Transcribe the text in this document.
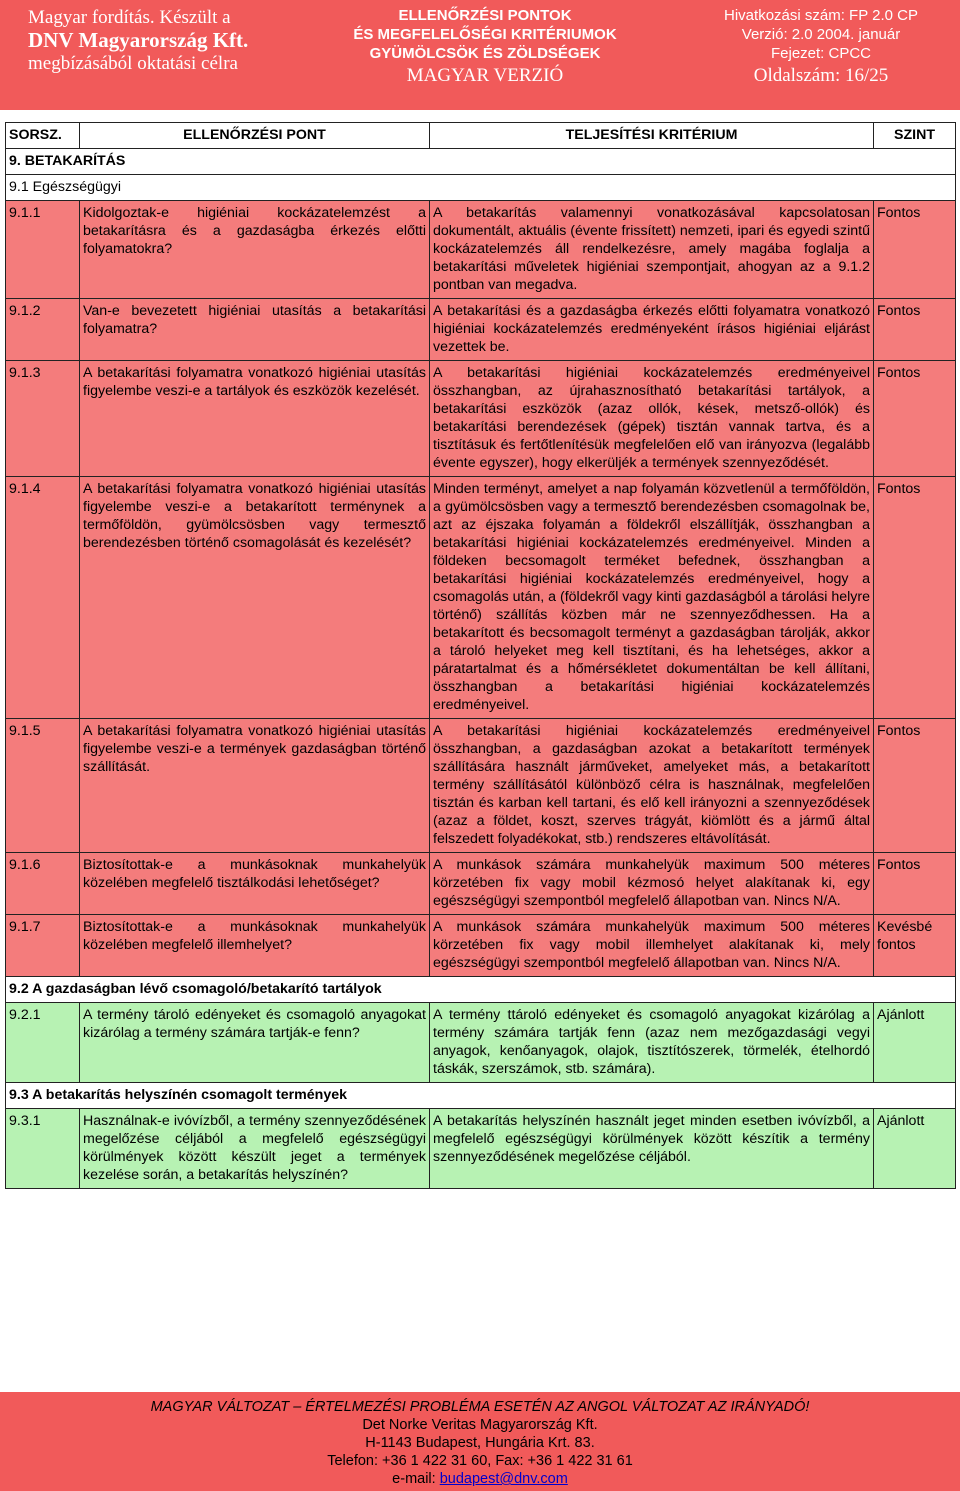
Magyar fordítás. Készült a
DNV Magyarország Kft.
megbízásából oktatási célra
ELLENŐRZÉSI PONTOK
ÉS MEGFELELŐSÉGI KRITÉRIUMOK
GYÜMÖLCSÖK ÉS ZÖLDSÉGEK
MAGYAR VERZIÓ
Hivatkozási szám: FP 2.0 CP
Verzió: 2.0 2004. január
Fejezet: CPCC
Oldalszám: 16/25
SORSZ.	ELLENŐRZÉSI PONT	TELJESÍTÉSI KRITÉRIUM	SZINT
9. BETAKARÍTÁS			
9.1 Egészségügyi			
9.1.1	Kidolgoztak-e higiéniai kockázatelemzést a betakarításra és a gazdaságba érkezés előtti folyamatokra?	A betakarítás valamennyi vonatkozásával kapcsolatosan dokumentált, aktuális (évente frissített) nemzeti, ipari és egyedi szintű kockázatelemzés áll rendelkezésre, amely magába foglalja a betakarítási műveletek higiéniai szempontjait, ahogyan az a 9.1.2 pontban van megadva.	Fontos
9.1.2	Van-e bevezetett higiéniai utasítás a betakarítási folyamatra?	A betakarítási és a gazdaságba érkezés előtti folyamatra vonatkozó higiéniai kockázatelemzés eredményeként írásos higiéniai eljárást vezettek be.	Fontos
9.1.3	A betakarítási folyamatra vonatkozó higiéniai utasítás figyelembe veszi-e a tartályok és eszközök kezelését.	A betakarítási higiéniai kockázatelemzés eredményeivel összhangban, az újrahasznosítható betakarítási tartályok, a betakarítási eszközök (azaz ollók, kések, metsző-ollók) és betakarítási berendezések (gépek) tisztán vannak tartva, és a tisztításuk és fertőtlenítésük megfelelően elő van irányozva (legalább évente egyszer), hogy elkerüljék a termények szennyeződését.	Fontos
9.1.4	A betakarítási folyamatra vonatkozó higiéniai utasítás figyelembe veszi-e a betakarított terménynek a termőföldön, gyümölcsösben vagy termesztő berendezésben történő csomagolását és kezelését?	Minden terményt, amelyet a nap folyamán közvetlenül a termőföldön, a gyümölcsösben vagy a termesztő berendezésben csomagolnak be, azt az éjszaka folyamán a földekről elszállítják, összhangban a betakarítási higiéniai kockázatelemzés eredményeivel. Minden a földeken becsomagolt terméket befednek, összhangban a betakarítási higiéniai kockázatelemzés eredményeivel, hogy a csomagolás után, a (földekről vagy kinti gazdaságból a tárolási helyre történő) szállítás közben már ne szennyeződhessen. Ha a betakarított és becsomagolt terményt a gazdaságban tárolják, akkor a tároló helyeket meg kell tisztítani, és ha lehetséges, akkor a páratartalmat és a hőmérsékletet dokumentáltan be kell állítani, összhangban a betakarítási higiéniai kockázatelemzés eredményeivel.	Fontos
9.1.5	A betakarítási folyamatra vonatkozó higiéniai utasítás figyelembe veszi-e a termények gazdaságban történő szállítását.	A betakarítási higiéniai kockázatelemzés eredményeivel összhangban, a gazdaságban azokat a betakarított termények szállítására használt járműveket, amelyeket más, a betakarított termény szállításától különböző célra is használnak, megfelelően tisztán és karban kell tartani, és elő kell irányozni a szennyeződések (azaz a földet, koszt, szerves trágyát, kiömlött és a jármű által felszedett folyadékokat, stb.) rendszeres eltávolítását.	Fontos
9.1.6	Biztosítottak-e a munkásoknak munkahelyük közelében megfelelő tisztálkodási lehetőséget?	A munkások számára munkahelyük maximum 500 méteres körzetében fix vagy mobil kézmosó helyet alakítanak ki, egy egészségügyi szempontból megfelelő állapotban van. Nincs N/A.	Fontos
9.1.7	Biztosítottak-e a munkásoknak munkahelyük közelében megfelelő illemhelyet?	A munkások számára munkahelyük maximum 500 méteres körzetében fix vagy mobil illemhelyet alakítanak ki, mely egészségügyi szempontból megfelelő állapotban van. Nincs N/A.	Kevésbé fontos
9.2 A gazdaságban lévő csomagoló/betakarító tartályok			
9.2.1	A termény tároló edényeket és csomagoló anyagokat kizárólag a termény számára tartják-e fenn?	A termény ttároló edényeket és csomagoló anyagokat kizárólag a termény számára tartják fenn (azaz nem mezőgazdasági vegyi anyagok, kenőanyagok, olajok, tisztítószerek, törmelék, ételhordó táskák, szerszámok, stb. számára).	Ajánlott
9.3 A betakarítás helyszínén csomagolt termények			
9.3.1	Használnak-e ivóvízből, a termény szennyeződésének megelőzése céljából a megfelelő egészségügyi körülmények között készült jeget a termények kezelése során, a betakarítás helyszínén?	A betakarítás helyszínén használt jeget minden esetben ivóvízből, a megfelelő egészségügyi körülmények között készítik a termény szennyeződésének megelőzése céljából.	Ajánlott
MAGYAR VÁLTOZAT – ÉRTELMEZÉSI PROBLÉMA ESETÉN AZ ANGOL VÁLTOZAT AZ IRÁNYADÓ!
Det Norke Veritas Magyarország Kft.
H-1143 Budapest, Hungária Krt. 83.
Telefon: +36 1 422 31 60, Fax: +36 1 422 31 61
e-mail: budapest@dnv.com
